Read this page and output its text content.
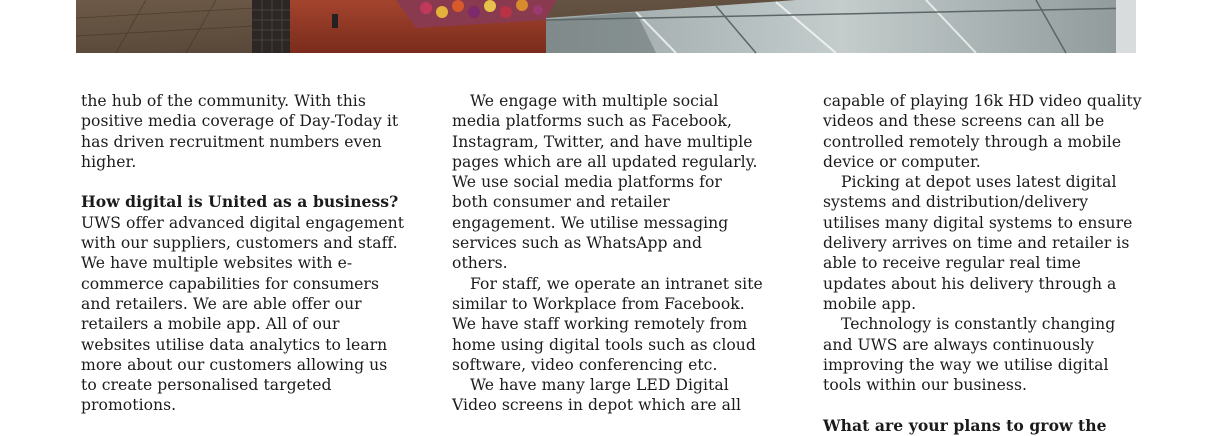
the hub of the community. With this
positive media coverage of Day-Today it
has driven recruitment numbers even
higher.

How digital is United as a business?

UWS offer advanced digital engagement
with our suppliers, customers and staff.
We have multiple websites with e-
commerce capabilities for consumers
and retailers. We are able offer our
retailers a mobile app. All of our
websites utilise data analytics to learn
more about our customers allowing us
to create personalised targeted
promotions.

We engage with multiple social
media platforms such as Facebook,
Instagram, Twitter, and have multiple
pages which are all updated regularly.
We use social media platforms for
both consumer and retailer
engagement. We utilise messaging
services such as WhatsApp and
others.

For staff, we operate an intranet site
similar to Workplace from Facebook.
We have staff working remotely from
home using digital tools such as cloud
software, video conferencing etc.

We have many large LED Digital
Video screens in depot which are all

capable of playing 16k HD video quality
videos and these screens can all be
controlled remotely through a mobile
device or computer.

Picking at depot uses latest digital
systems and distribution/delivery
utilises many digital systems to ensure
delivery arrives on time and retailer is
able to receive regular real time
updates about his delivery through a
mobile app.

Technology is constantly changing
and UWS are always continuously
improving the way we utilise digital
tools within our business.

What are your plans to grow the
